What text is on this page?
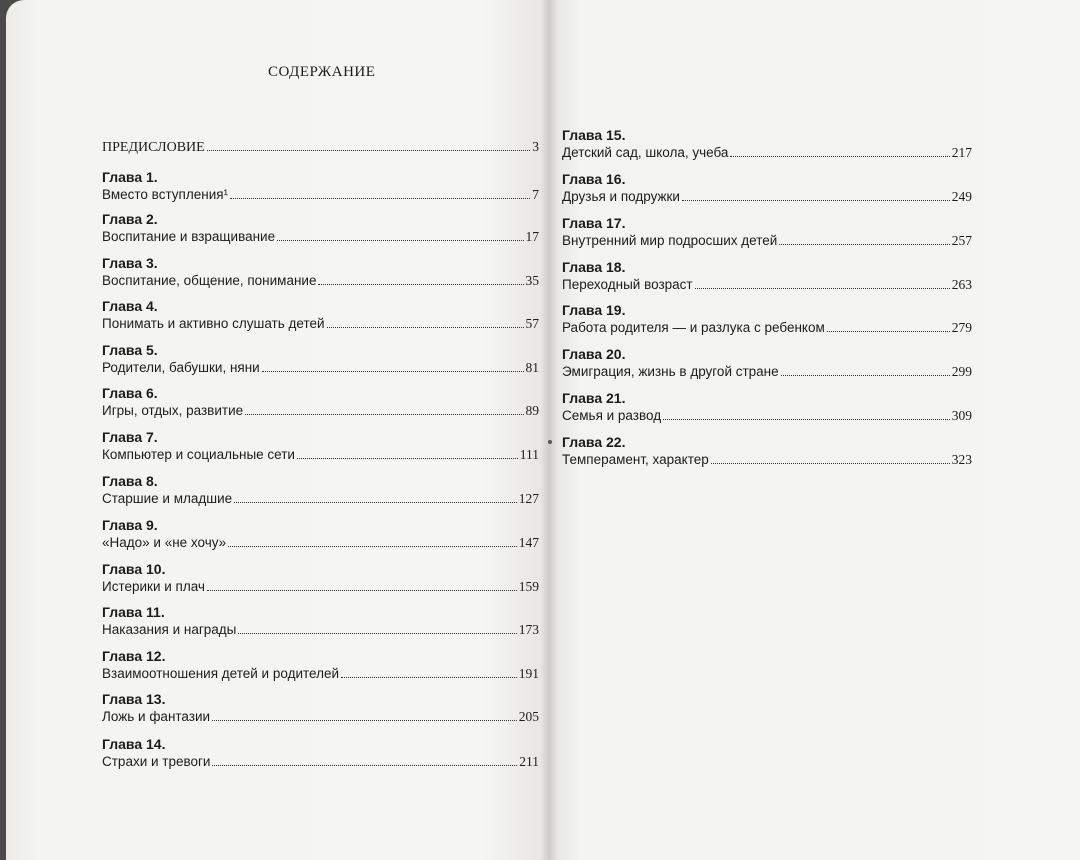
СОДЕРЖАНИЕ
ПРЕДИСЛОВИЕ	3
Глава 1.
Вместо вступления¹	7
Глава 2.
Воспитание и взращивание	17
Глава 3.
Воспитание, общение, понимание	35
Глава 4.
Понимать и активно слушать детей	57
Глава 5.
Родители, бабушки, няни	81
Глава 6.
Игры, отдых, развитие	89
Глава 7.
Компьютер и социальные сети	111
Глава 8.
Старшие и младшие	127
Глава 9.
«Надо» и «не хочу»	147
Глава 10.
Истерики и плач	159
Глава 11.
Наказания и награды	173
Глава 12.
Взаимоотношения детей и родителей	191
Глава 13.
Ложь и фантазии	205
Глава 14.
Страхи и тревоги	211
Глава 15.
Детский сад, школа, учеба	217
Глава 16.
Друзья и подружки	249
Глава 17.
Внутренний мир подросших детей	257
Глава 18.
Переходный возраст	263
Глава 19.
Работа родителя — и разлука с ребенком	279
Глава 20.
Эмиграция, жизнь в другой стране	299
Глава 21.
Семья и развод	309
Глава 22.
Темперамент, характер	323
